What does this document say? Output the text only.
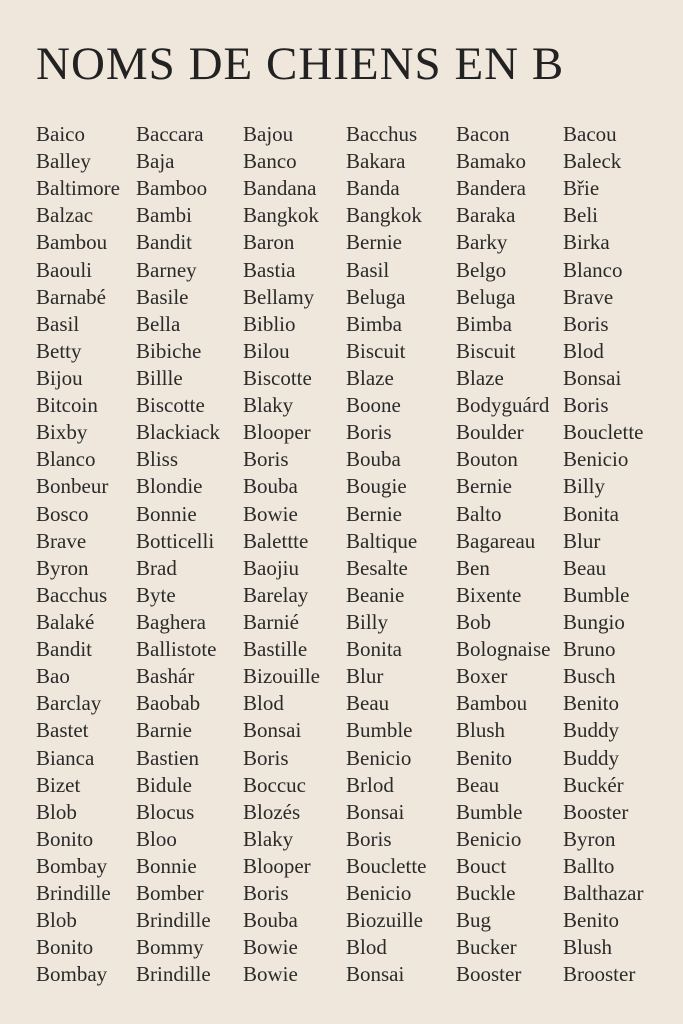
NOMS DE CHIENS EN B
Baico
Balley
Baltimore
Balzac
Bambou
Baouli
Barnabé
Basil
Betty
Bijou
Bitcoin
Bixby
Blanco
Bonbeur
Bosco
Brave
Byron
Bacchus
Balaké
Bandit
Bao
Barclay
Bastet
Bianca
Bizet
Blob
Bonito
Bombay
Brindille
Blob
Bonito
Bombay
Baccara
Baja
Bamboo
Bambi
Bandit
Barney
Basile
Bella
Bibiche
Billle
Biscotte
Blackiack
Bliss
Blondie
Bonnie
Botticelli
Brad
Byte
Baghera
Ballistote
Bashár
Baobab
Barnie
Bastien
Bidule
Blocus
Bloo
Bonnie
Bomber
Brindille
Bommy
Brindille
Bajou
Banco
Bandana
Bangkok
Baron
Bastia
Bellamy
Biblio
Bilou
Biscotte
Blaky
Blooper
Boris
Bouba
Bowie
Balettte
Baojiu
Barelay
Barnié
Bastille
Bizouille
Blod
Bonsai
Boris
Boccuc
Blozés
Blaky
Blooper
Boris
Bouba
Bowie
Bowie
Bacchus
Bakara
Banda
Bangkok
Bernie
Basil
Beluga
Bimba
Biscuit
Blaze
Boone
Boris
Bouba
Bougie
Bernie
Baltique
Besalte
Beanie
Billy
Bonita
Blur
Beau
Bumble
Benicio
Brlod
Bonsai
Boris
Bouclette
Benicio
Biozuille
Blod
Bonsai
Bacon
Bamako
Bandera
Baraka
Barky
Belgo
Beluga
Bimba
Biscuit
Blaze
Bodyguárd
Boulder
Bouton
Bernie
Balto
Bagareau
Ben
Bixente
Bob
Bolognaise
Boxer
Bambou
Blush
Benito
Beau
Bumble
Benicio
Bouct
Buckle
Bug
Bucker
Booster
Bacou
Baleck
Břie
Beli
Birka
Blanco
Brave
Boris
Blod
Bonsai
Boris
Bouclette
Benicio
Billy
Bonita
Blur
Beau
Bumble
Bungio
Bruno
Busch
Benito
Buddy
Buddy
Buckér
Booster
Byron
Ballto
Balthazar
Benito
Blush
Brooster
